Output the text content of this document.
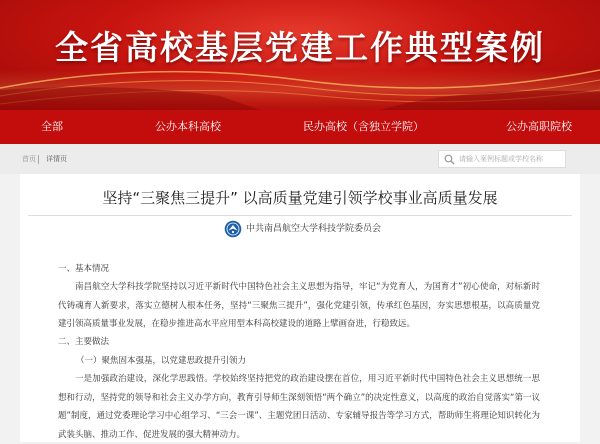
全省高校基层党建工作典型案例
全部	公办本科高校	民办高校（含独立学院）	公办高职院校
首页 详情页
请输入案例标题或学校名称
坚持“三聚焦三提升” 以高质量党建引领学校事业高质量发展
中共南昌航空大学科技学院委员会
一、基本情况

南昌航空大学科技学院坚持以习近平新时代中国特色社会主义思想为指导，牢记“为党育人，为国育才”初心使命，对标新时代铸魂育人新要求，落实立德树人根本任务，坚持“三聚焦三提升”，强化党建引领，传承红色基因，夯实思想根基，以高质量党建引领高质量事业发展，在稳步推进高水平应用型本科高校建设的道路上擘画奋进，行稳致远。

二、主要做法
（一）聚焦固本强基，以党建思政提升引领力

一是加强政治建设，深化学思践悟。学校始终坚持把党的政治建设摆在首位，用习近平新时代中国特色社会主义思想统一思想和行动，坚持党的领导和社会主义办学方向，教育引导师生深刻领悟“两个确立”的决定性意义，以高度的政治自觉落实“第一议题”制度，通过党委理论学习中心组学习、“三会一课”、主题党团日活动、专家辅导报告等学习方式，帮助师生将理论知识转化为武装头脑、推动工作、促进发展的强大精神动力。
